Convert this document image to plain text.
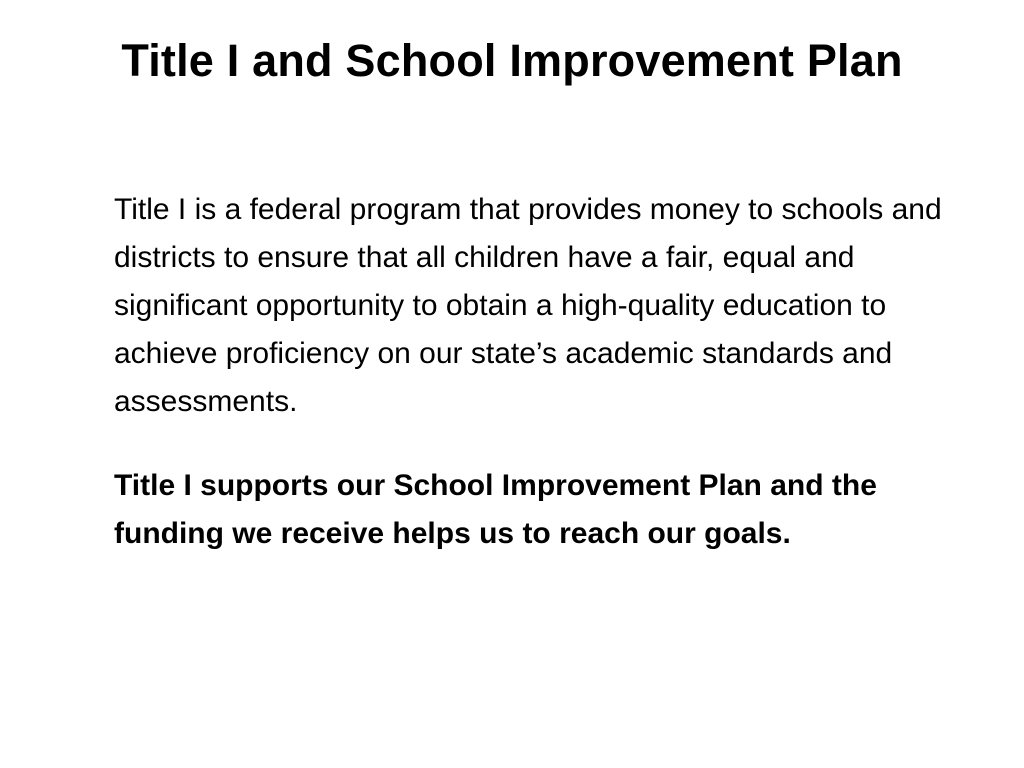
Title I and School Improvement Plan

Title I is a federal program that provides money to schools and districts to ensure that all children have a fair, equal and significant opportunity to obtain a high-quality education to achieve proficiency on our state’s academic standards and assessments.

Title I supports our School Improvement Plan and the funding we receive helps us to reach our goals.
